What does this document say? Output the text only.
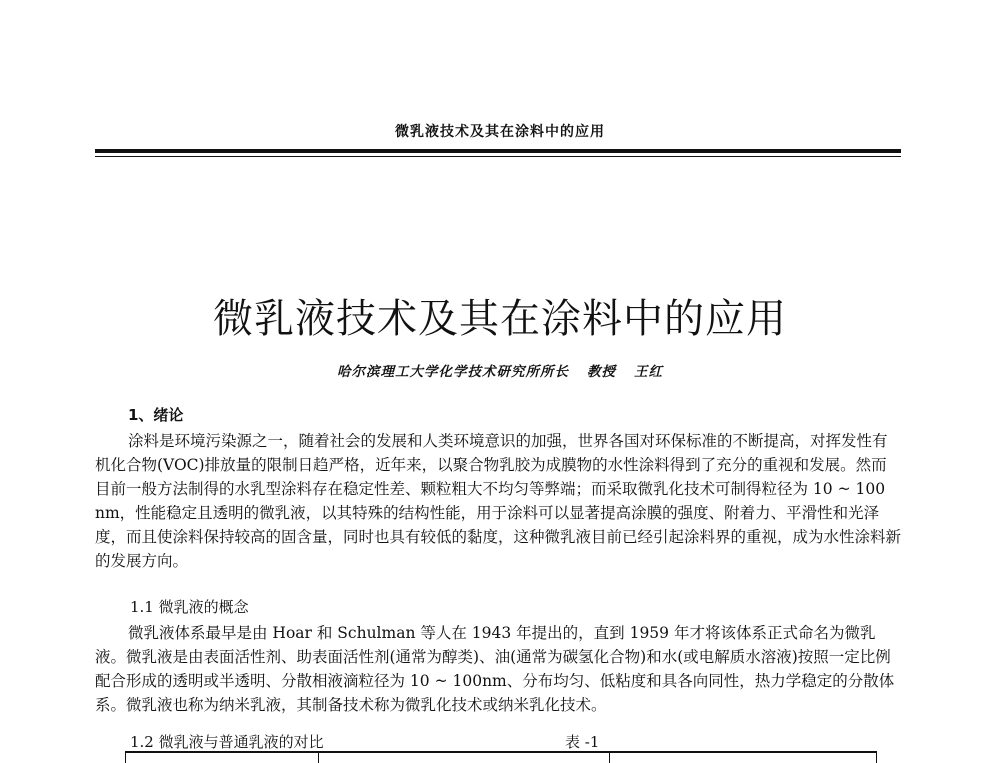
微乳液技术及其在涂料中的应用
微乳液技术及其在涂料中的应用
哈尔滨理工大学化学技术研究所所长 教授 王红
1、绪论

涂料是环境污染源之一，随着社会的发展和人类环境意识的加强，世界各国对环保标准的不断提高，对挥发性有机化合物(VOC)排放量的限制日趋严格，近年来，以聚合物乳胶为成膜物的水性涂料得到了充分的重视和发展。然而目前一般方法制得的水乳型涂料存在稳定性差、颗粒粗大不均匀等弊端；而采取微乳化技术可制得粒径为 10 ~ 100 nm，性能稳定且透明的微乳液，以其特殊的结构性能，用于涂料可以显著提高涂膜的强度、附着力、平滑性和光泽度，而且使涂料保持较高的固含量，同时也具有较低的黏度，这种微乳液目前已经引起涂料界的重视，成为水性涂料新的发展方向。

1.1 微乳液的概念

微乳液体系最早是由 Hoar 和 Schulman 等人在 1943 年提出的，直到 1959 年才将该体系正式命名为微乳液。微乳液是由表面活性剂、助表面活性剂(通常为醇类)、油(通常为碳氢化合物)和水(或电解质水溶液)按照一定比例配合形成的透明或半透明、分散相液滴粒径为 10 ~ 100nm、分布均匀、低粘度和具各向同性，热力学稳定的分散体系。微乳液也称为纳米乳液，其制备技术称为微乳化技术或纳米乳化技术。

1.2 微乳液与普通乳液的对比	表 -1
